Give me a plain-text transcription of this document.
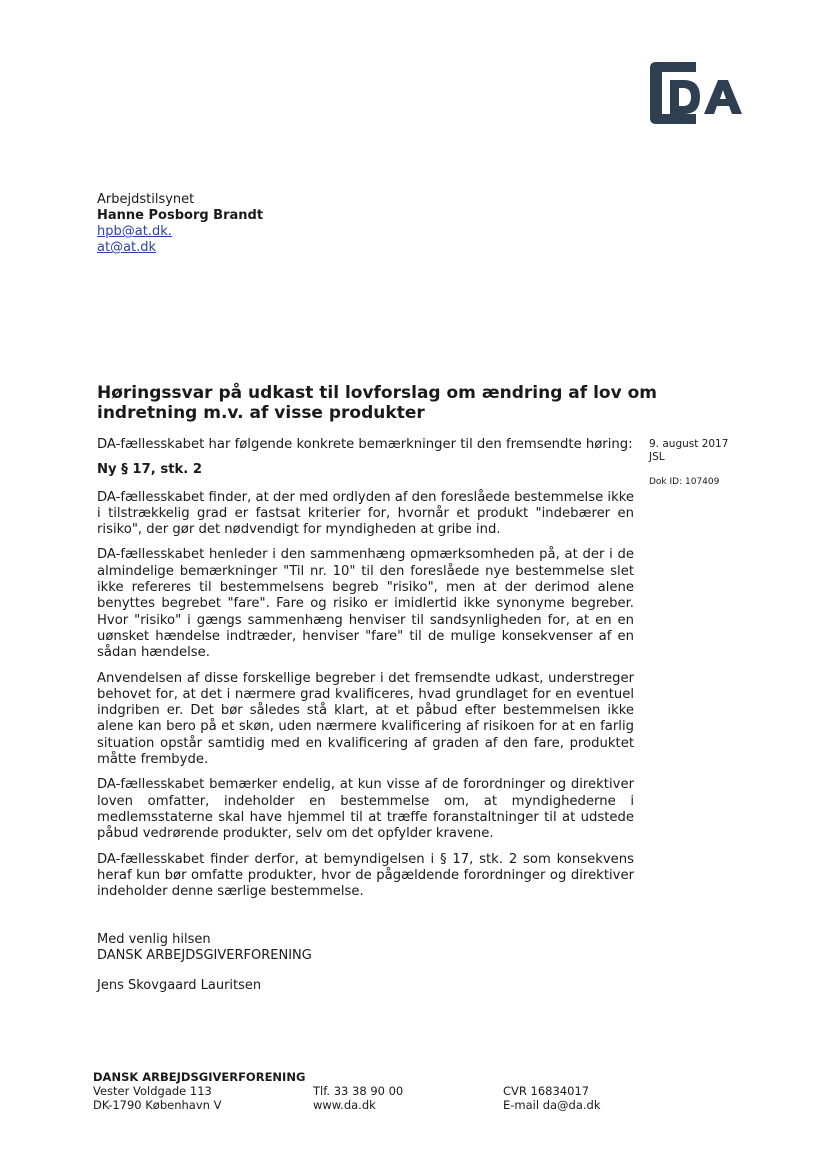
Arbejdstilsynet
Hanne Posborg Brandt
hpb@at.dk.
at@at.dk
Høringssvar på udkast til lovforslag om ændring af lov om indretning m.v. af visse produkter
9. august 2017
JSL
Dok ID: 107409

DA-fællesskabet har følgende konkrete bemærkninger til den fremsendte høring:

Ny § 17, stk. 2

DA-fællesskabet finder, at der med ordlyden af den foreslåede bestemmelse ikke i tilstrækkelig grad er fastsat kriterier for, hvornår et produkt "indebærer en risiko", der gør det nødvendigt for myndigheden at gribe ind.

DA-fællesskabet henleder i den sammenhæng opmærksomheden på, at der i de almindelige bemærkninger "Til nr. 10" til den foreslåede nye bestemmelse slet ikke refereres til bestemmelsens begreb "risiko", men at der derimod alene benyttes begrebet "fare". Fare og risiko er imidlertid ikke synonyme begreber. Hvor "risiko" i gængs sammenhæng henviser til sandsynligheden for, at en en uønsket hændelse indtræder, henviser "fare" til de mulige konsekvenser af en sådan hændelse.

Anvendelsen af disse forskellige begreber i det fremsendte udkast, understreger behovet for, at det i nærmere grad kvalificeres, hvad grundlaget for en eventuel indgriben er. Det bør således stå klart, at et påbud efter bestemmelsen ikke alene kan bero på et skøn, uden nærmere kvalificering af risikoen for at en farlig situation opstår samtidig med en kvalificering af graden af den fare, produktet måtte frembyde.

DA-fællesskabet bemærker endelig, at kun visse af de forordninger og direktiver loven omfatter, indeholder en bestemmelse om, at myndighederne i medlemsstaterne skal have hjemmel til at træffe foranstaltninger til at udstede påbud vedrørende produkter, selv om det opfylder kravene.

DA-fællesskabet finder derfor, at bemyndigelsen i § 17, stk. 2 som konsekvens heraf kun bør omfatte produkter, hvor de pågældende forordninger og direktiver indeholder denne særlige bestemmelse.

Med venlig hilsen
DANSK ARBEJDSGIVERFORENING
Jens Skovgaard Lauritsen
DANSK ARBEJDSGIVERFORENING
Vester Voldgade 113	Tlf. 33 38 90 00	CVR 16834017
DK-1790 København V	www.da.dk	E-mail da@da.dk
